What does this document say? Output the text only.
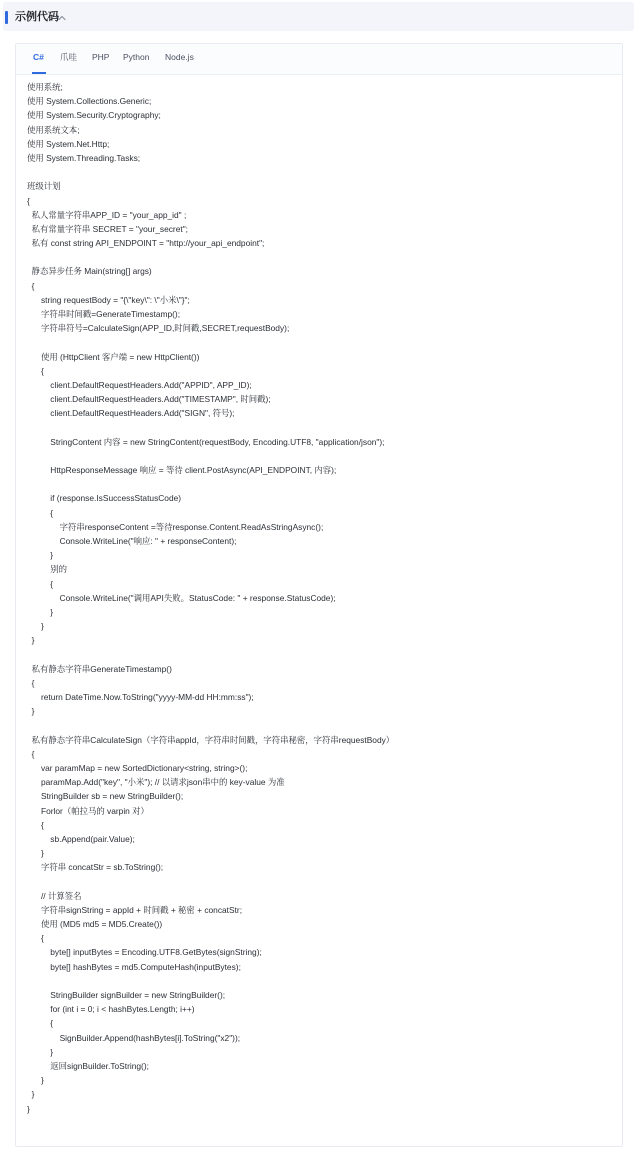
示例代码
C# 爪哇 PHP Python Node.js
使用系统;
使用 System.Collections.Generic;
使用 System.Security.Cryptography;
使用系统文本;
使用 System.Net.Http;
使用 System.Threading.Tasks;
班级计划
{
私人常量字符串APP_ID = "your_app_id" ;
私有常量字符串 SECRET = "your_secret";
私有 const string API_ENDPOINT = "http://your_api_endpoint";
静态异步任务 Main(string[] args)
{
string requestBody = "{\"key\": \"小米\"}";
字符串时间戳=GenerateTimestamp();
字符串符号=CalculateSign(APP_ID,时间戳,SECRET,requestBody);
使用 (HttpClient 客户端 = new HttpClient())
{
client.DefaultRequestHeaders.Add("APPID", APP_ID);
client.DefaultRequestHeaders.Add("TIMESTAMP", 时间戳);
client.DefaultRequestHeaders.Add("SIGN", 符号);
StringContent 内容 = new StringContent(requestBody, Encoding.UTF8, "application/json");
HttpResponseMessage 响应 = 等待 client.PostAsync(API_ENDPOINT, 内容);
if (response.IsSuccessStatusCode)
{
字符串responseContent =等待response.Content.ReadAsStringAsync();
Console.WriteLine("响应: " + responseContent);
}
别的
{
Console.WriteLine("调用API失败。StatusCode: " + response.StatusCode);
}
}
}
私有静态字符串GenerateTimestamp()
{
return DateTime.Now.ToString("yyyy-MM-dd HH:mm:ss");
}
私有静态字符串CalculateSign（字符串appId，字符串时间戳，字符串秘密，字符串requestBody）
{
var paramMap = new SortedDictionary<string, string>();
paramMap.Add("key", "小米"); // 以请求json串中的 key-value 为准
StringBuilder sb = new StringBuilder();
Forlor（帕拉马的 varpin 对）
{
sb.Append(pair.Value);
}
字符串 concatStr = sb.ToString();
// 计算签名
字符串signString = appId + 时间戳 + 秘密 + concatStr;
使用 (MD5 md5 = MD5.Create())
{
byte[] inputBytes = Encoding.UTF8.GetBytes(signString);
byte[] hashBytes = md5.ComputeHash(inputBytes);
StringBuilder signBuilder = new StringBuilder();
for (int i = 0; i < hashBytes.Length; i++)
{
SignBuilder.Append(hashBytes[i].ToString("x2"));
}
返回signBuilder.ToString();
}
}
}
